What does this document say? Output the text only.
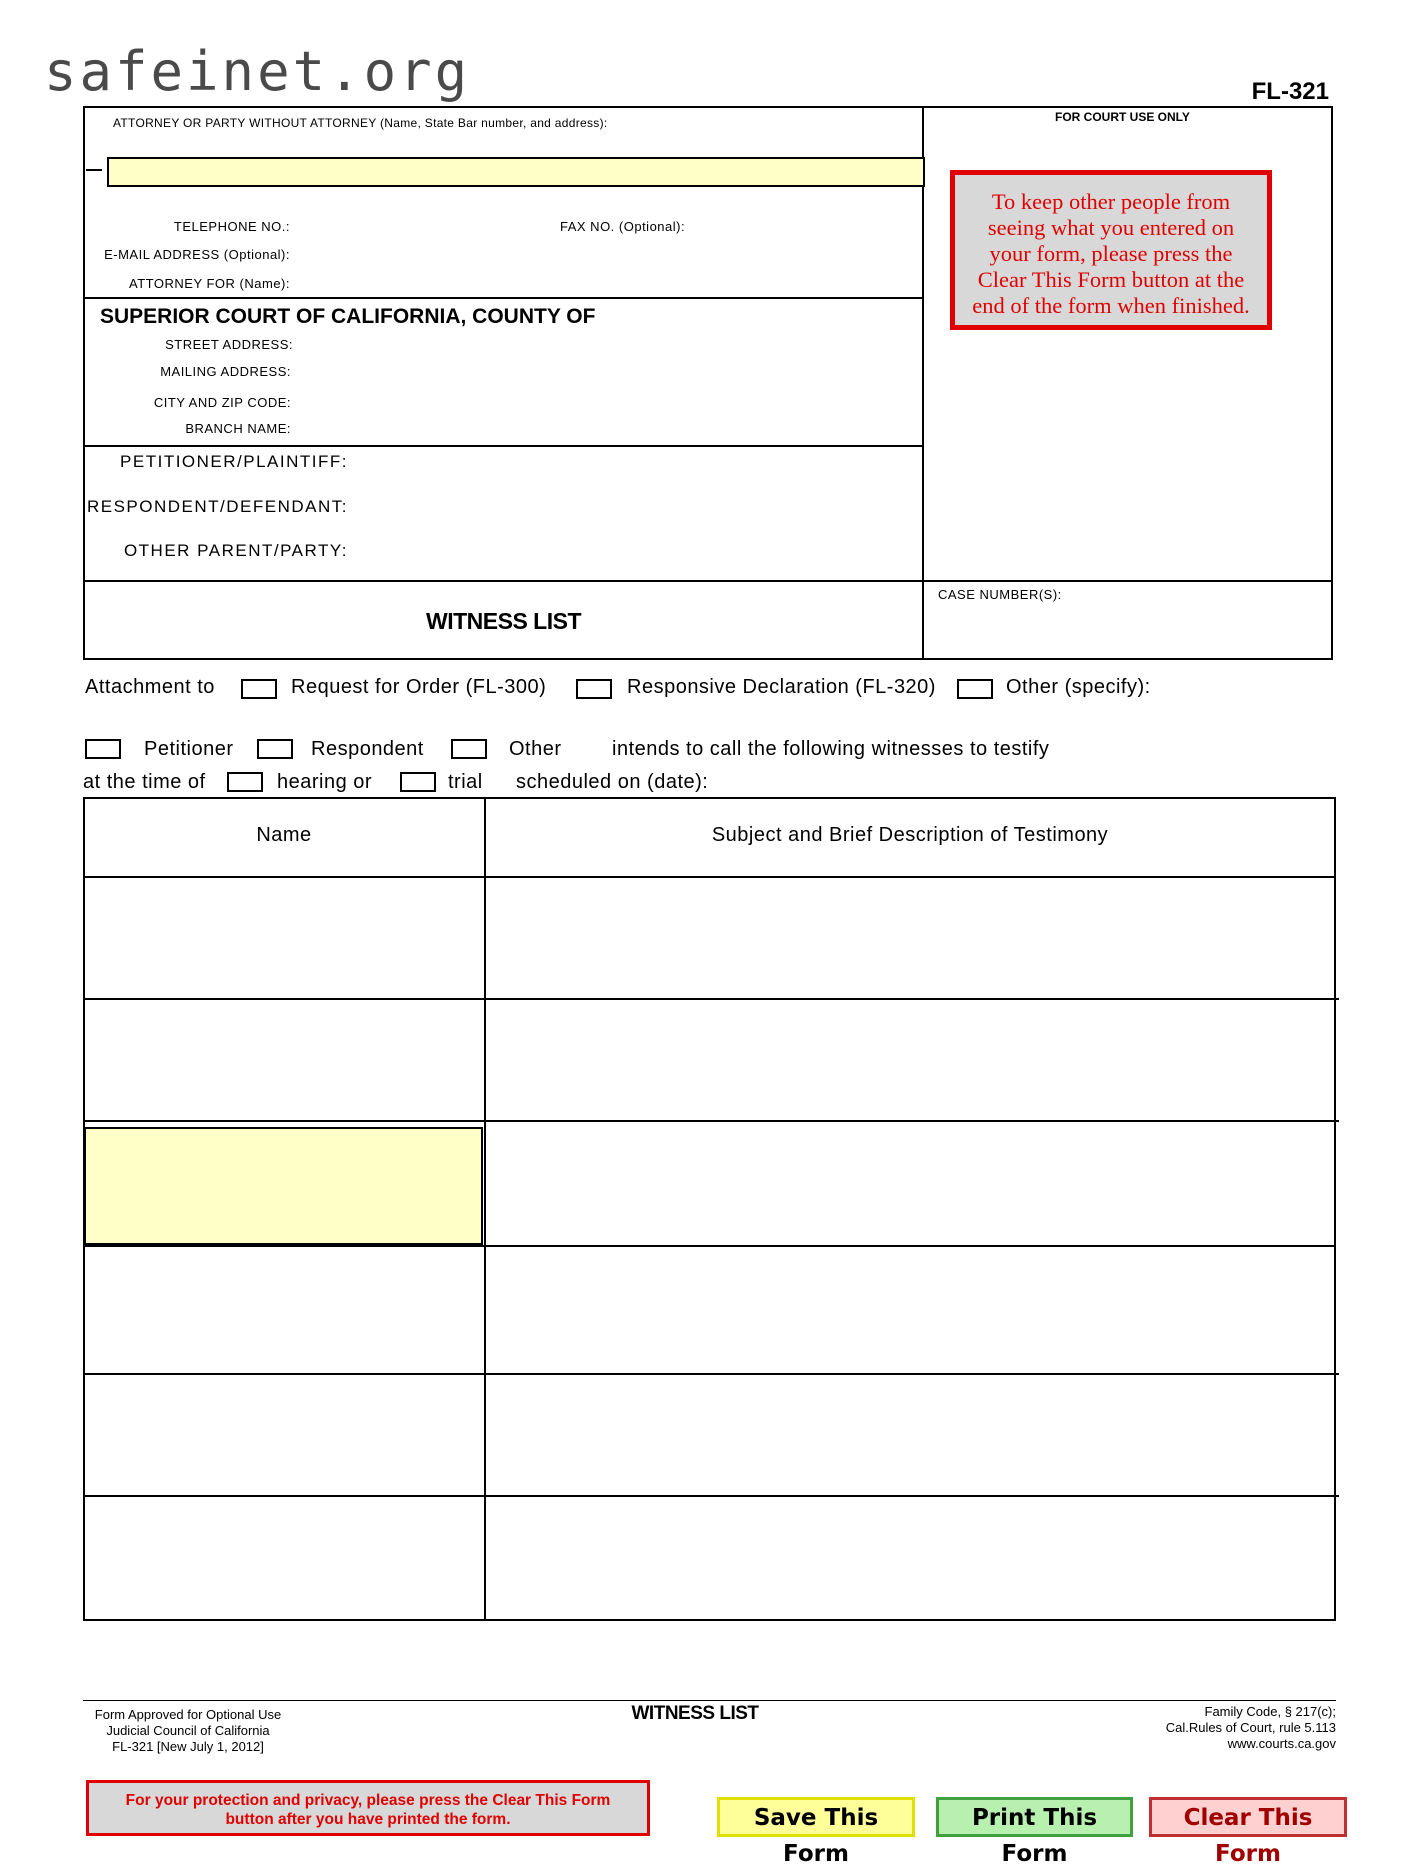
safeinet.org	FL-321
ATTORNEY OR PARTY WITHOUT ATTORNEY (Name, State Bar number, and address):	FOR COURT USE ONLY
To keep other people from seeing what you entered on your form, please press the Clear This Form button at the end of the form when finished.
TELEPHONE NO.:	FAX NO. (Optional):
E-MAIL ADDRESS (Optional):
ATTORNEY FOR (Name):
SUPERIOR COURT OF CALIFORNIA, COUNTY OF
STREET ADDRESS:
MAILING ADDRESS:
CITY AND ZIP CODE:
BRANCH NAME:
PETITIONER/PLAINTIFF:
RESPONDENT/DEFENDANT:
OTHER PARENT/PARTY:
WITNESS LIST
CASE NUMBER(S):
Attachment to	Request for Order (FL-300)	Responsive Declaration (FL-320)	Other (specify):
Petitioner	Respondent	Other	intends to call the following witnesses to testify
at the time of	hearing or	trial scheduled on (date):
Name	Subject and Brief Description of Testimony
Form Approved for Optional Use
Judicial Council of California
FL-321 [New July 1, 2012]
WITNESS LIST	Family Code, § 217(c);
Cal.Rules of Court, rule 5.113
www.courts.ca.gov
For your protection and privacy, please press the Clear This Form
button after you have printed the form.	Save This Form
Print This Form
Clear This Form
